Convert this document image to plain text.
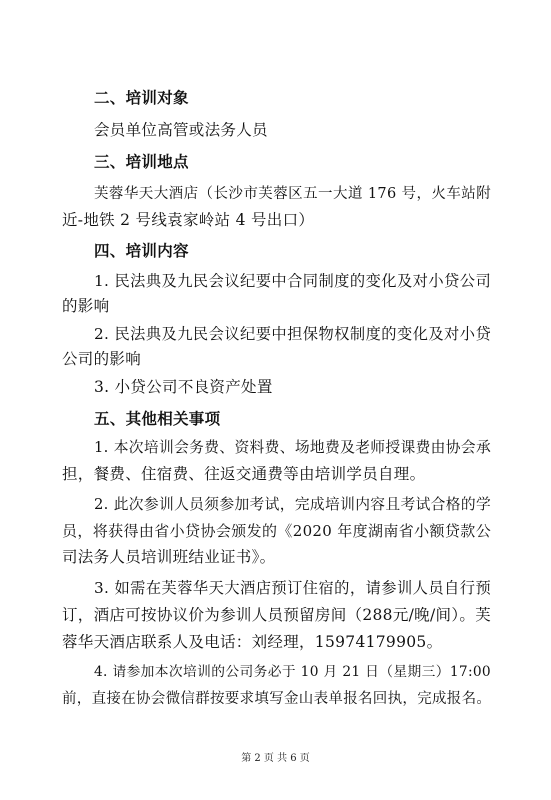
二、培训对象

会员单位高管或法务人员

三、培训地点

芙蓉华天大酒店（长沙市芙蓉区五一大道 176 号，火车站附

近-地铁 2 号线袁家岭站 4 号出口）

四、培训内容

1. 民法典及九民会议纪要中合同制度的变化及对小贷公司

的影响

2. 民法典及九民会议纪要中担保物权制度的变化及对小贷

公司的影响

3. 小贷公司不良资产处置

五、其他相关事项

1. 本次培训会务费、资料费、场地费及老师授课费由协会承

担，餐费、住宿费、往返交通费等由培训学员自理。

2. 此次参训人员须参加考试，完成培训内容且考试合格的学

员，将获得由省小贷协会颁发的《2020 年度湖南省小额贷款公

司法务人员培训班结业证书》。

3. 如需在芙蓉华天大酒店预订住宿的，请参训人员自行预

订，酒店可按协议价为参训人员预留房间（288元/晚/间）。芙

蓉华天酒店联系人及电话：刘经理，15974179905。

4. 请参加本次培训的公司务必于 10 月 21 日（星期三）17:00

前，直接在协会微信群按要求填写金山表单报名回执，完成报名。

第 2 页 共 6 页
